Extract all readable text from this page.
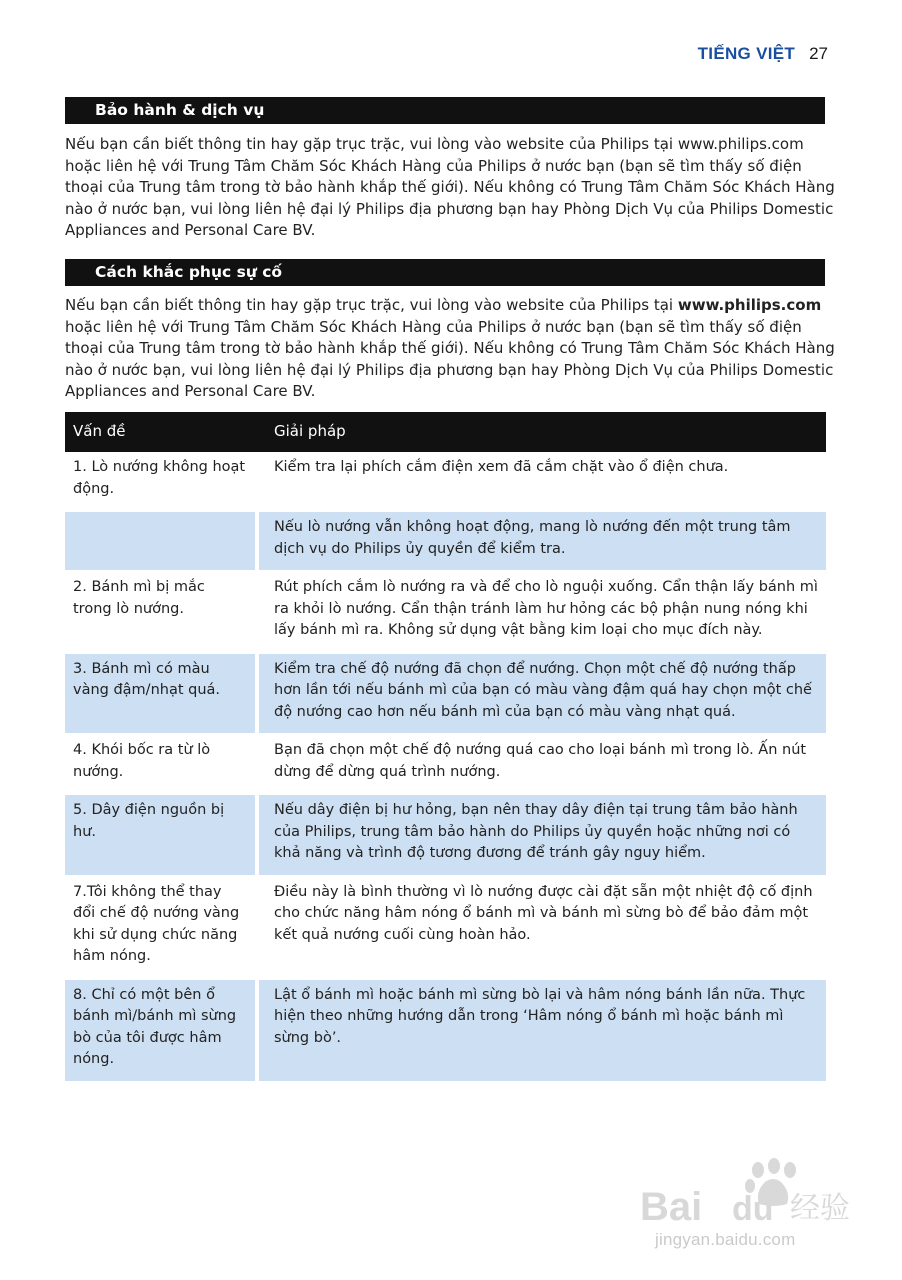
TIẾNG VIỆT 27
Bảo hành & dịch vụ
Nếu bạn cần biết thông tin hay gặp trục trặc, vui lòng vào website của Philips tại www.philips.com hoặc liên hệ với Trung Tâm Chăm Sóc Khách Hàng của Philips ở nước bạn (bạn sẽ tìm thấy số điện thoại của Trung tâm trong tờ bảo hành khắp thế giới). Nếu không có Trung Tâm Chăm Sóc Khách Hàng nào ở nước bạn, vui lòng liên hệ đại lý Philips địa phương bạn hay Phòng Dịch Vụ của Philips Domestic Appliances and Personal Care BV.
Cách khắc phục sự cố
Nếu bạn cần biết thông tin hay gặp trục trặc, vui lòng vào website của Philips tại www.philips.com hoặc liên hệ với Trung Tâm Chăm Sóc Khách Hàng của Philips ở nước bạn (bạn sẽ tìm thấy số điện thoại của Trung tâm trong tờ bảo hành khắp thế giới). Nếu không có Trung Tâm Chăm Sóc Khách Hàng nào ở nước bạn, vui lòng liên hệ đại lý Philips địa phương bạn hay Phòng Dịch Vụ của Philips Domestic Appliances and Personal Care BV.
Vấn đề	Giải pháp
1. Lò nướng không hoạt động.	Kiểm tra lại phích cắm điện xem đã cắm chặt vào ổ điện chưa.
	Nếu lò nướng vẫn không hoạt động, mang lò nướng đến một trung tâm dịch vụ do Philips ủy quyền để kiểm tra.
2. Bánh mì bị mắc trong lò nướng.	Rút phích cắm lò nướng ra và để cho lò nguội xuống. Cẩn thận lấy bánh mì ra khỏi lò nướng. Cẩn thận tránh làm hư hỏng các bộ phận nung nóng khi lấy bánh mì ra. Không sử dụng vật bằng kim loại cho mục đích này.
3. Bánh mì có màu vàng đậm/nhạt quá.	Kiểm tra chế độ nướng đã chọn để nướng. Chọn một chế độ nướng thấp hơn lần tới nếu bánh mì của bạn có màu vàng đậm quá hay chọn một chế độ nướng cao hơn nếu bánh mì của bạn có màu vàng nhạt quá.
4. Khói bốc ra từ lò nướng.	Bạn đã chọn một chế độ nướng quá cao cho loại bánh mì trong lò. Ấn nút dừng để dừng quá trình nướng.
5. Dây điện nguồn bị hư.	Nếu dây điện bị hư hỏng, bạn nên thay dây điện tại trung tâm bảo hành của Philips, trung tâm bảo hành do Philips ủy quyền hoặc những nơi có khả năng và trình độ tương đương để tránh gây nguy hiểm.
7.Tôi không thể thay đổi chế độ nướng vàng khi sử dụng chức năng hâm nóng.	Điều này là bình thường vì lò nướng được cài đặt sẵn một nhiệt độ cố định cho chức năng hâm nóng ổ bánh mì và bánh mì sừng bò để bảo đảm một kết quả nướng cuối cùng hoàn hảo.
8. Chỉ có một bên ổ bánh mì/bánh mì sừng bò của tôi được hâm nóng.	Lật ổ bánh mì hoặc bánh mì sừng bò lại và hâm nóng bánh lần nữa. Thực hiện theo những hướng dẫn trong ‘Hâm nóng ổ bánh mì hoặc bánh mì sừng bò’.
Bai du 经验
jingyan.baidu.com
